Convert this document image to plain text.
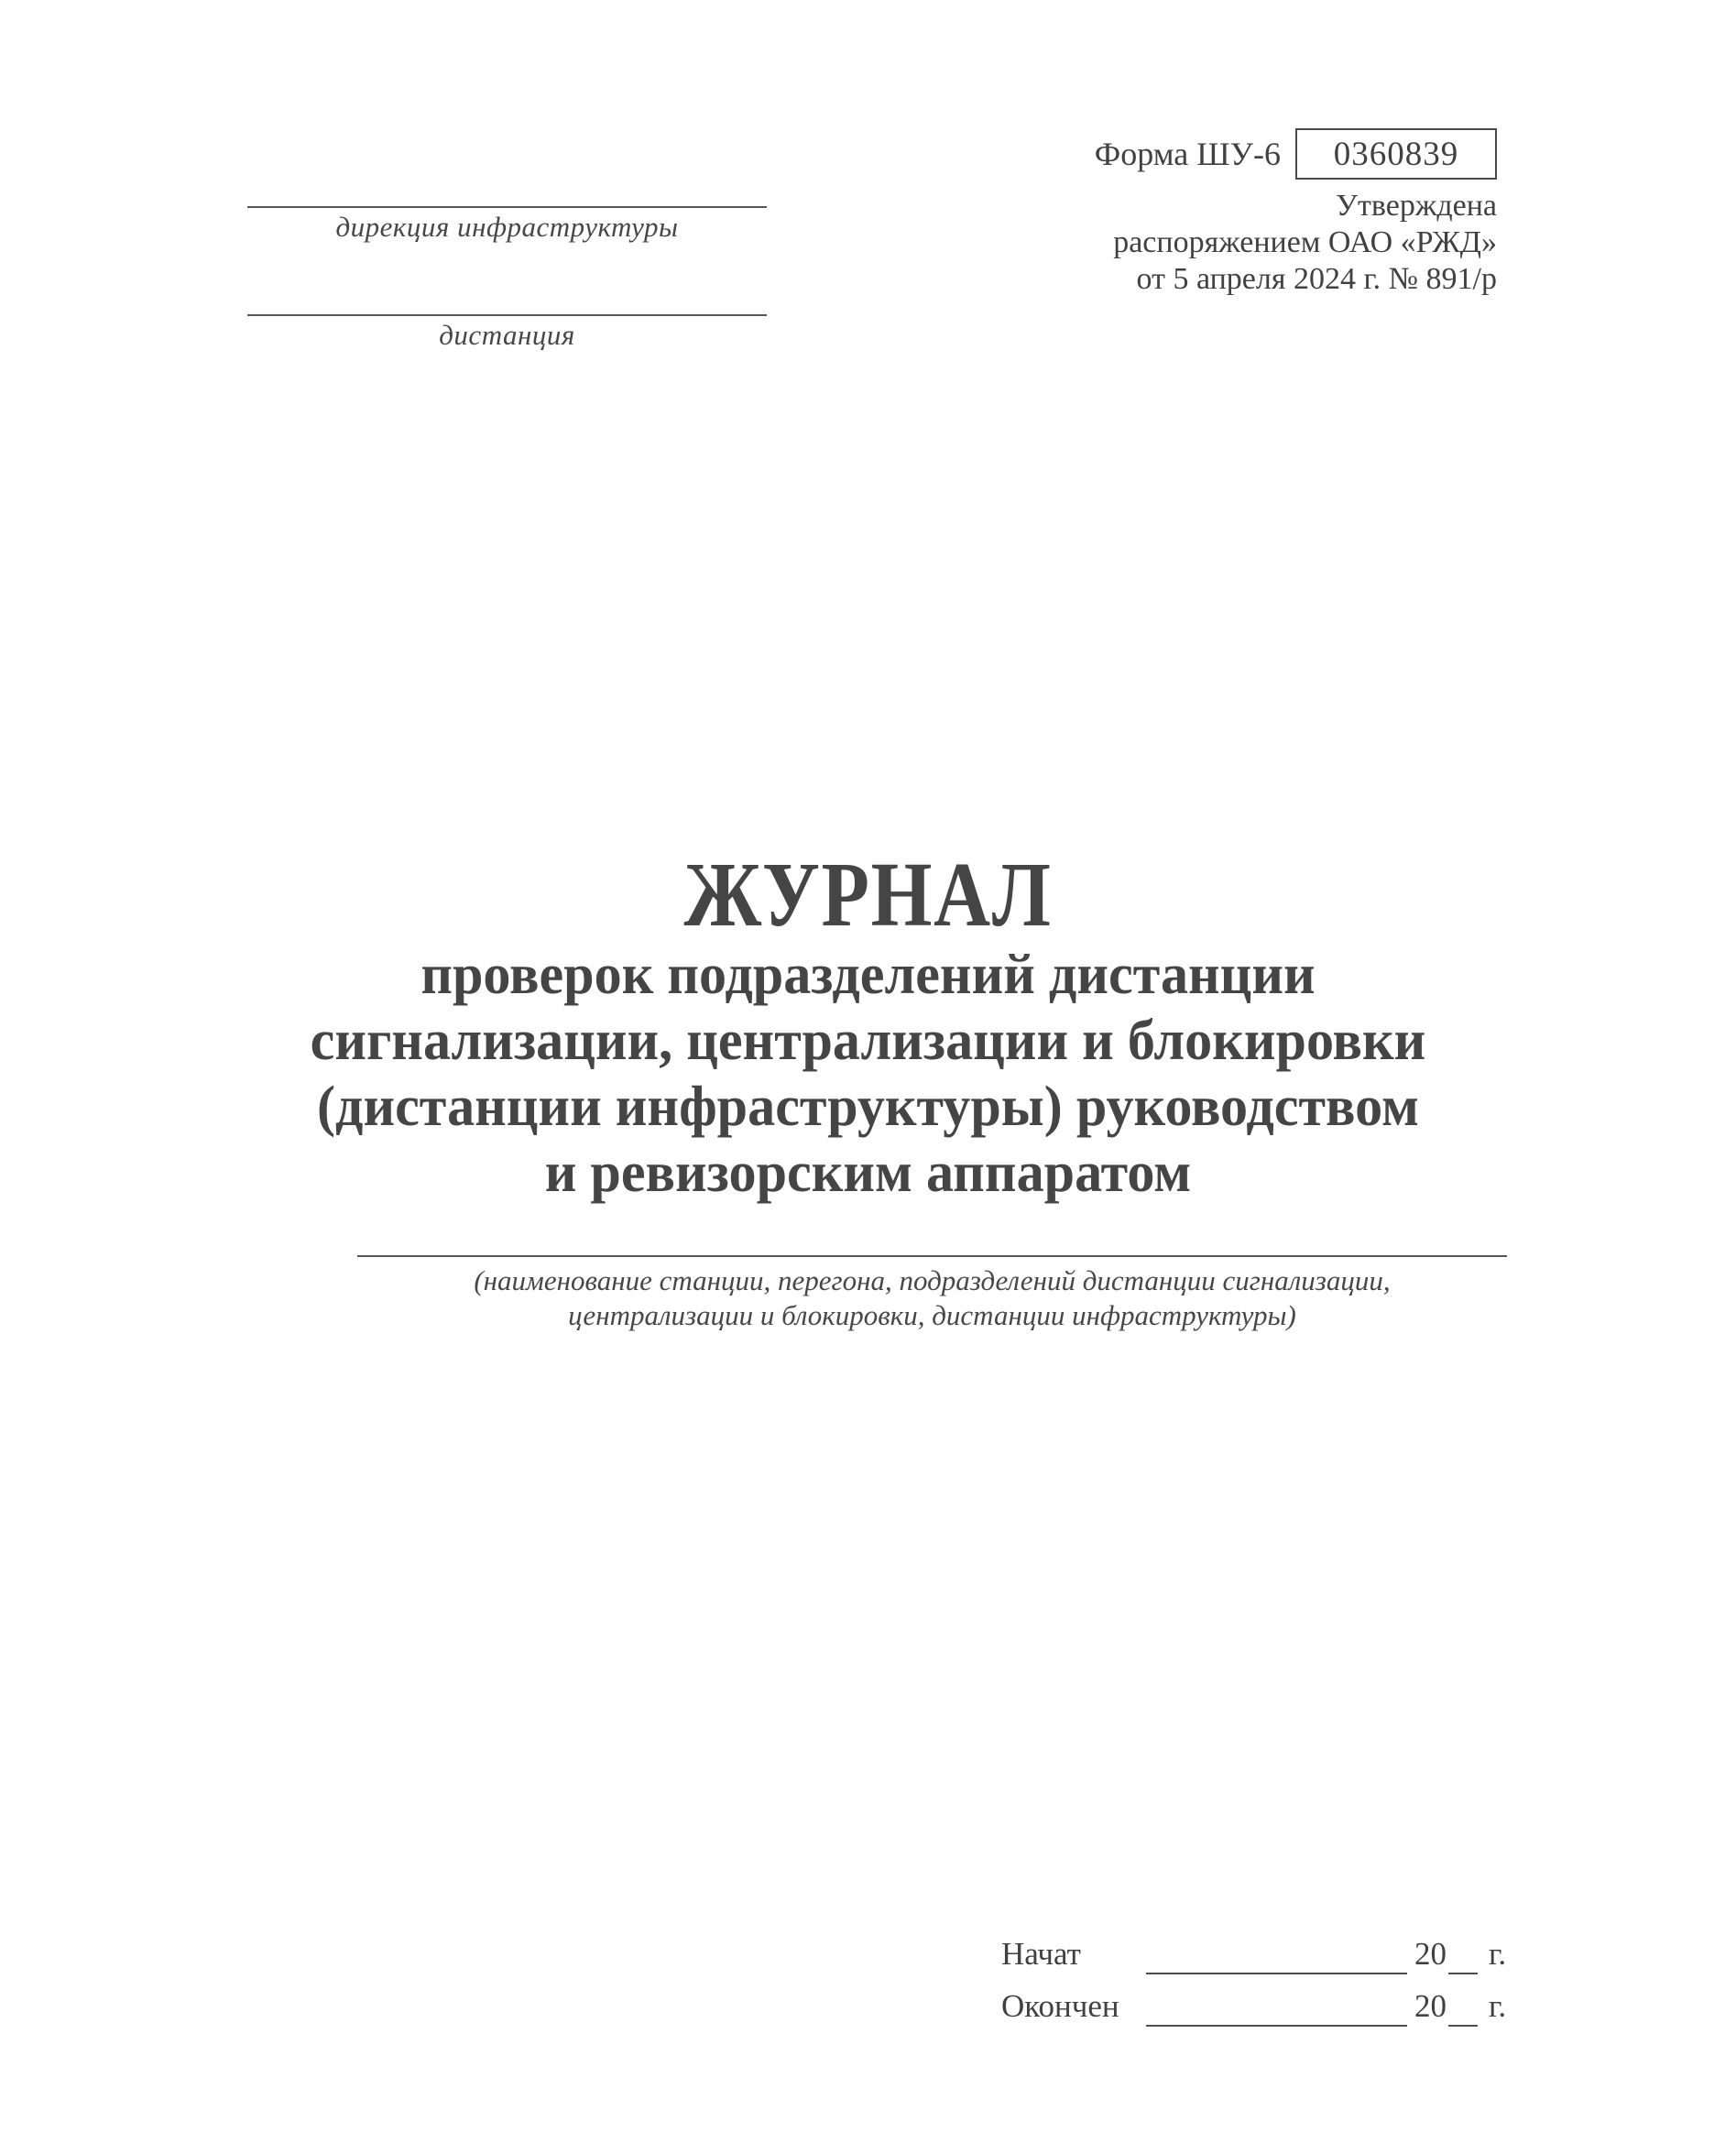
дирекция инфраструктуры
дистанция
Форма ШУ-6	0360839
Утверждена
распоряжением ОАО «РЖД»
от 5 апреля 2024 г. № 891/р
ЖУРНАЛ
проверок подразделений дистанции
сигнализации, централизации и блокировки
(дистанции инфраструктуры) руководством
и ревизорским аппаратом
(наименование станции, перегона, подразделений дистанции сигнализации,
централизации и блокировки, дистанции инфраструктуры)
Начат	20 г.
Окончен	20 г.
